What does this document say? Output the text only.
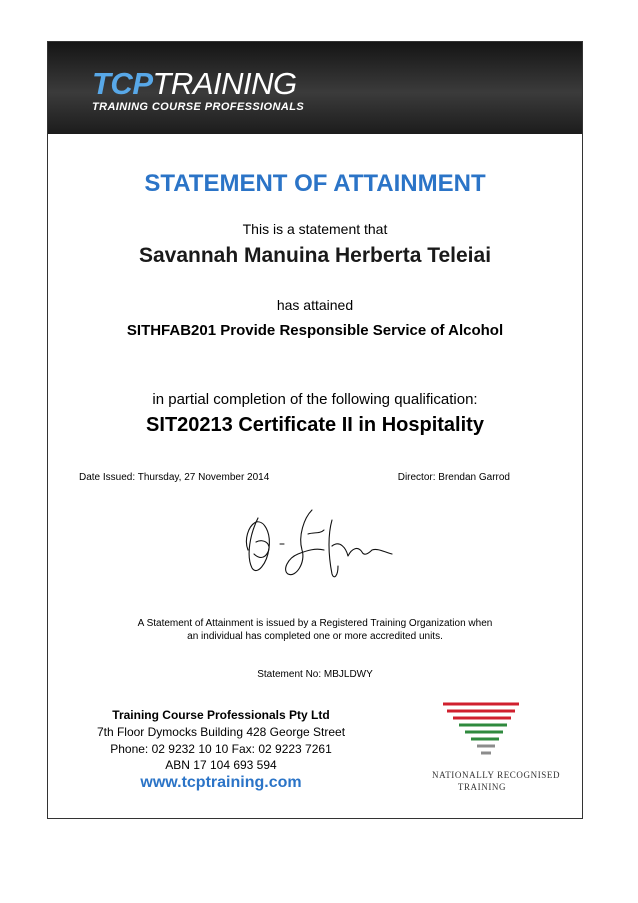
TCPTRAINING
TRAINING COURSE PROFESSIONALS
STATEMENT OF ATTAINMENT
This is a statement that
Savannah Manuina Herberta Teleiai
has attained
SITHFAB201 Provide Responsible Service of Alcohol
in partial completion of the following qualification:
SIT20213 Certificate II in Hospitality
Date Issued: Thursday, 27 November 2014	Director: Brendan Garrod
A Statement of Attainment is issued by a Registered Training Organization when
an individual has completed one or more accredited units.
Statement No: MBJLDWY
Training Course Professionals Pty Ltd
7th Floor Dymocks Building 428 George Street
Phone: 02 9232 10 10 Fax: 02 9223 7261
ABN 17 104 693 594
www.tcptraining.com	NATIONALLY RECOGNISED
TRAINING
